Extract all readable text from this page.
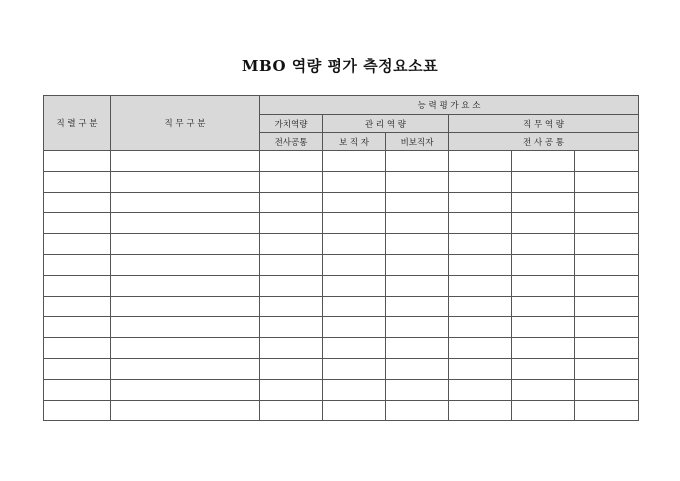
MBO 역량 평가 측정요소표
직 렬 구 분	직 무 구 분	능 력 평 가 요 소					
		가치역량	관 리 역 량		직 무 역 량		
		전사공통	보 직 자	비보직자	전 사 공 통		
